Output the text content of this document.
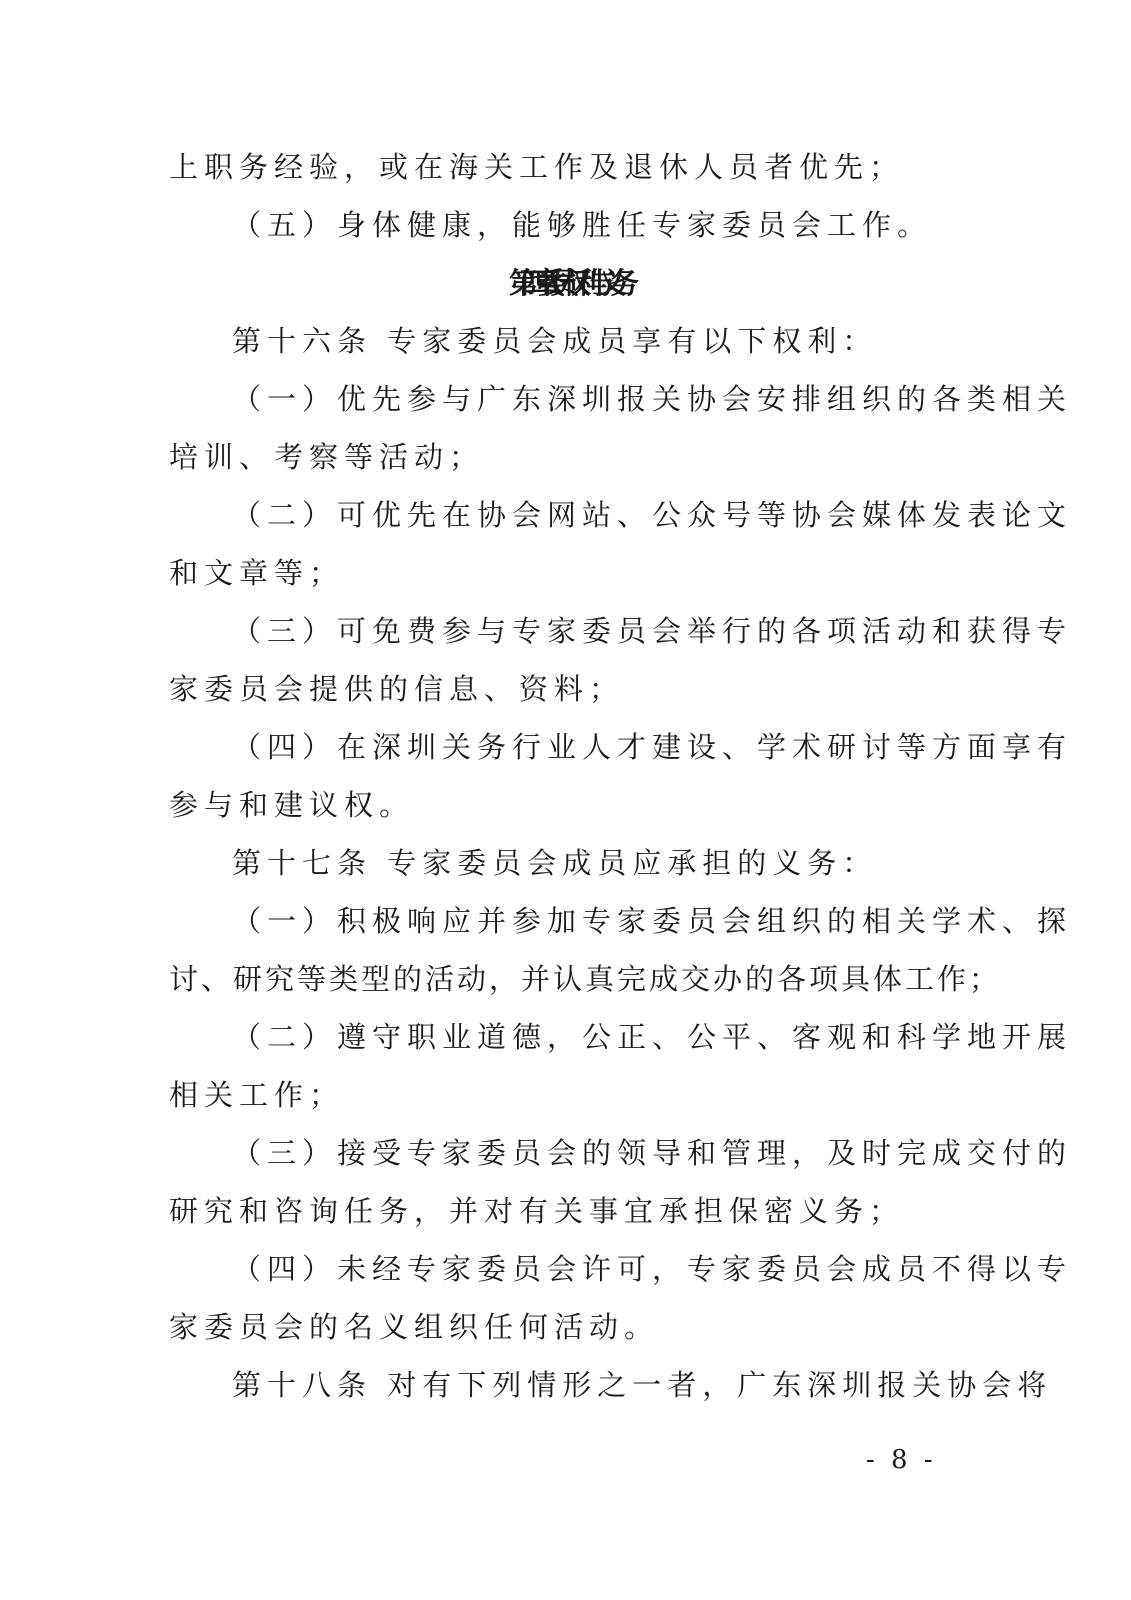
上职务经验，或在海关工作及退休人员者优先；
（五）身体健康，能够胜任专家委员会工作。
第四章 委员权利与义务
第十六条 专家委员会成员享有以下权利：
（一）优先参与广东深圳报关协会安排组织的各类相关
培训、考察等活动；
（二）可优先在协会网站、公众号等协会媒体发表论文
和文章等；
（三）可免费参与专家委员会举行的各项活动和获得专
家委员会提供的信息、资料；
（四）在深圳关务行业人才建设、学术研讨等方面享有
参与和建议权。
第十七条 专家委员会成员应承担的义务：
（一）积极响应并参加专家委员会组织的相关学术、探
讨、研究等类型的活动，并认真完成交办的各项具体工作；
（二）遵守职业道德，公正、公平、客观和科学地开展
相关工作；
（三）接受专家委员会的领导和管理，及时完成交付的
研究和咨询任务，并对有关事宜承担保密义务；
（四）未经专家委员会许可，专家委员会成员不得以专
家委员会的名义组织任何活动。
第十八条 对有下列情形之一者，广东深圳报关协会将
- 8 -
